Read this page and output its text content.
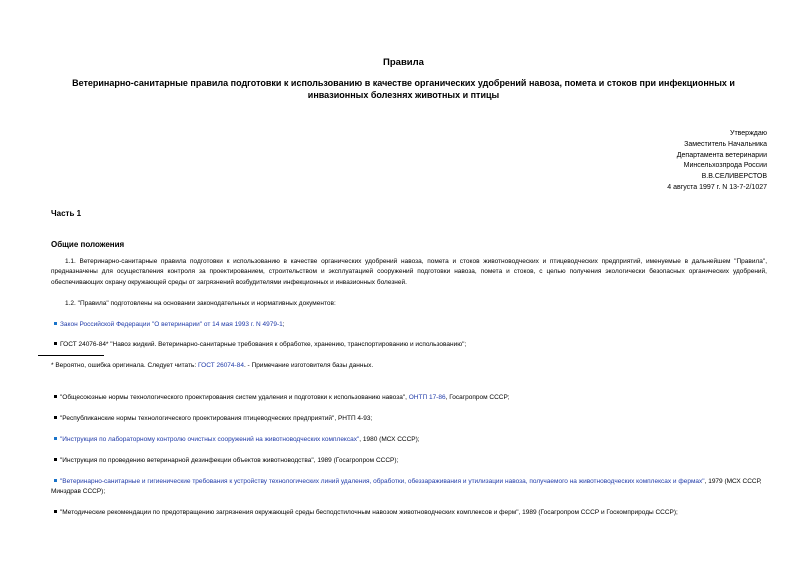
Правила
Ветеринарно-санитарные правила подготовки к использованию в качестве органических удобрений навоза, помета и стоков при инфекционных и инвазионных болезнях животных и птицы
Утверждаю
Заместитель Начальника
Департамента ветеринарии
Минсельхозпрода России
В.В.СЕЛИВЕРСТОВ
4 августа 1997 г. N 13-7-2/1027
Часть 1
Общие положения
1.1. Ветеринарно-санитарные правила подготовки к использованию в качестве органических удобрений навоза, помета и стоков животноводческих и птицеводческих предприятий, именуемые в дальнейшем "Правила", предназначены для осуществления контроля за проектированием, строительством и эксплуатацией сооружений подготовки навоза, помета и стоков, с целью получения экологически безопасных органических удобрений, обеспечивающих охрану окружающей среды от загрязнений возбудителями инфекционных и инвазионных болезней.
1.2. "Правила" подготовлены на основании законодательных и нормативных документов:
Закон Российской Федерации "О ветеринарии" от 14 мая 1993 г. N 4979-1;
ГОСТ 24076-84* "Навоз жидкий. Ветеринарно-санитарные требования к обработке, хранению, транспортированию и использованию";
* Вероятно, ошибка оригинала. Следует читать: ГОСТ 26074-84. - Примечание изготовителя базы данных.
"Общесоюзные нормы технологического проектирования систем удаления и подготовки к использованию навоза", ОНТП 17-86, Госагропром СССР;
"Республиканские нормы технологического проектирования птицеводческих предприятий", РНТП 4-93;
"Инструкция по лабораторному контролю очистных сооружений на животноводческих комплексах", 1980 (МСХ СССР);
"Инструкция по проведению ветеринарной дезинфекции объектов животноводства", 1989 (Госагропром СССР);
"Ветеринарно-санитарные и гигиенические требования к устройству технологических линий удаления, обработки, обеззараживания и утилизации навоза, получаемого на животноводческих комплексах и фермах", 1979 (МСХ СССР, Минздрав СССР);
"Методические рекомендации по предотвращению загрязнения окружающей среды бесподстилочным навозом животноводческих комплексов и ферм", 1989 (Госагропром СССР и Госкомприроды СССР);
